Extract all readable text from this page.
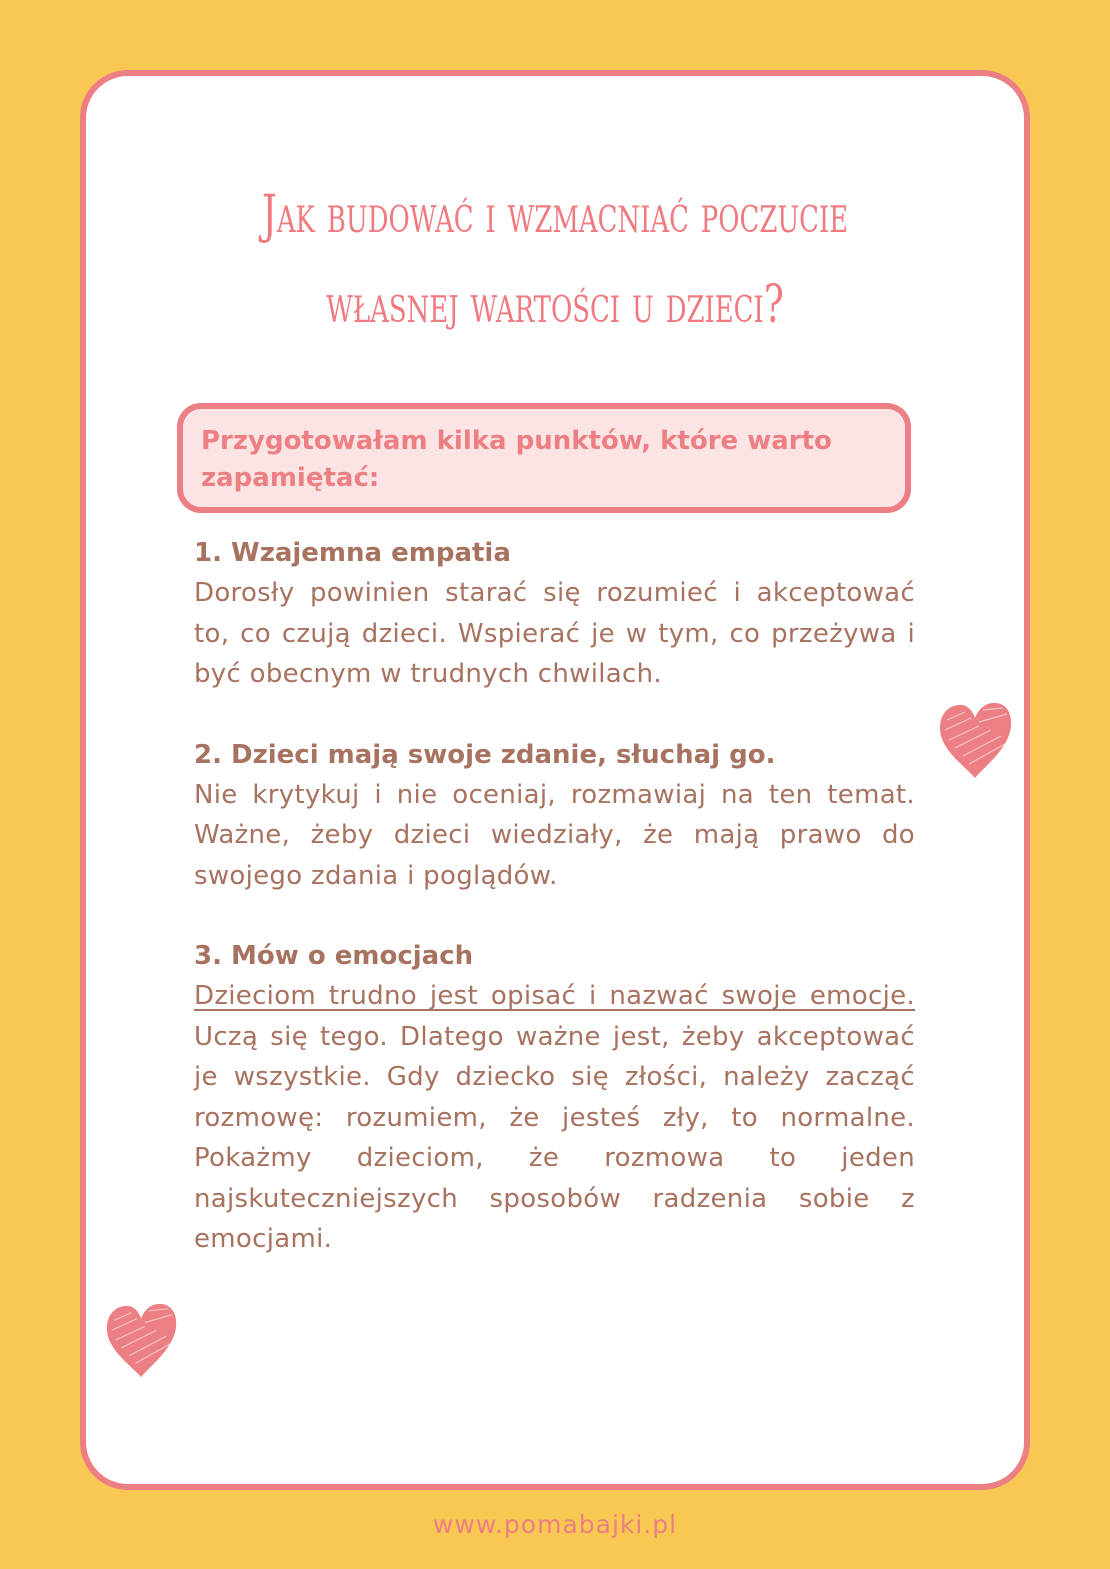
Jak budować i wzmacniać poczucie
własnej wartości u dzieci?
Przygotowałam kilka punktów, które warto zapamiętać:
1. Wzajemna empatia
Dorosły powinien starać się rozumieć i akceptować to, co czują dzieci. Wspierać je w tym, co przeżywa i być obecnym w trudnych chwilach.
2. Dzieci mają swoje zdanie, słuchaj go.
Nie krytykuj i nie oceniaj, rozmawiaj na ten temat. Ważne, żeby dzieci wiedziały, że mają prawo do swojego zdania i poglądów.
3. Mów o emocjach
Dzieciom trudno jest opisać i nazwać swoje emocje. Uczą się tego. Dlatego ważne jest, żeby akceptować je wszystkie. Gdy dziecko się złości, należy zacząć rozmowę: rozumiem, że jesteś zły, to normalne. Pokażmy dzieciom, że rozmowa to jeden najskuteczniejszych sposobów radzenia sobie z emocjami.
www.pomabajki.pl
